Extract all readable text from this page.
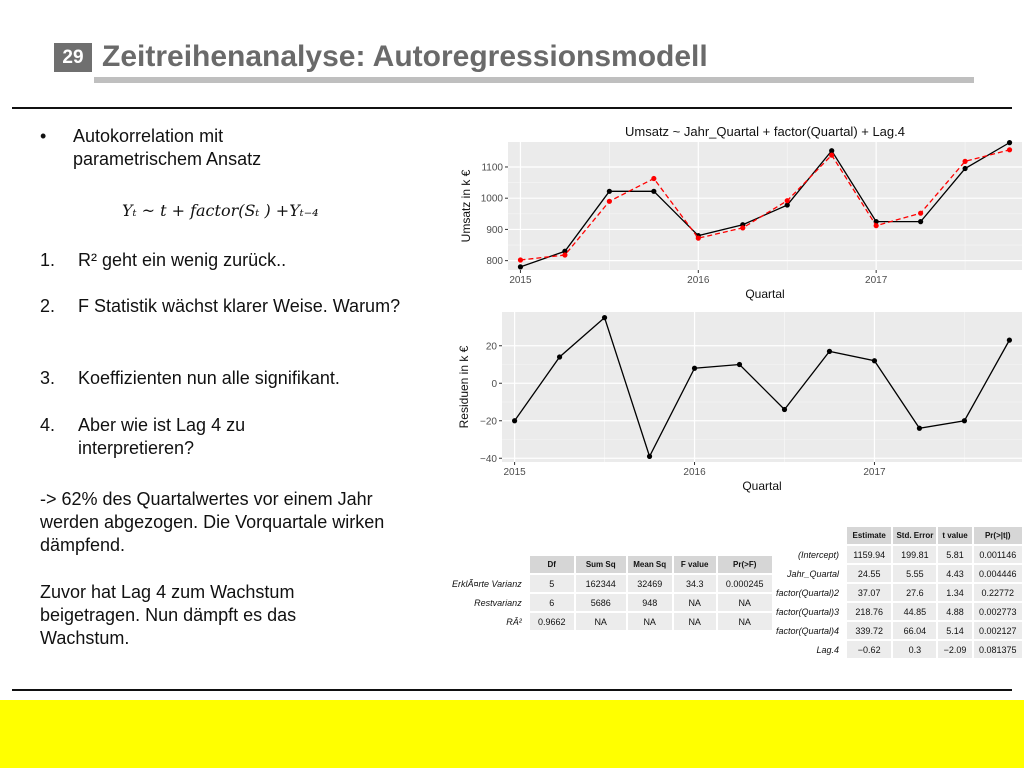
29 Zeitreihenanalyse: Autoregressionsmodell
• Autokorrelation mit parametrischem Ansatz
Yₜ ~ t + factor(Sₜ ) +Yₜ₋₄
1. R² geht ein wenig zurück..
2. F Statistik wächst klarer Weise. Warum?
3. Koeffizienten nun alle signifikant.
4. Aber wie ist Lag 4 zu interpretieren?
-> 62% des Quartalwertes vor einem Jahr werden abgezogen. Die Vorquartale wirken dämpfend.
Zuvor hat Lag 4 zum Wachstum beigetragen. Nun dämpft es das Wachstum.
2015	2016	2017
800
900
1000
1100
Umsatz ~ Jahr_Quartal + factor(Quartal) + Lag.4
Quartal
Umsatz in k €
2015	2016	2017
−40
−20
0
20
Quartal
Residuen in k €
	Df	Sum Sq	Mean Sq	F value	Pr(>F)
ErklÃ¤rte Varianz	5	162344	32469	34.3	0.000245
Restvarianz	6	5686	948	NA	NA
RÂ²	0.9662	NA	NA	NA	NA
	Estimate	Std. Error	t value	Pr(>|t|)
(Intercept)	1159.94	199.81	5.81	0.001146
Jahr_Quartal	24.55	5.55	4.43	0.004446
factor(Quartal)2	37.07	27.6	1.34	0.22772
factor(Quartal)3	218.76	44.85	4.88	0.002773
factor(Quartal)4	339.72	66.04	5.14	0.002127
Lag.4	−0.62	0.3	−2.09	0.081375
